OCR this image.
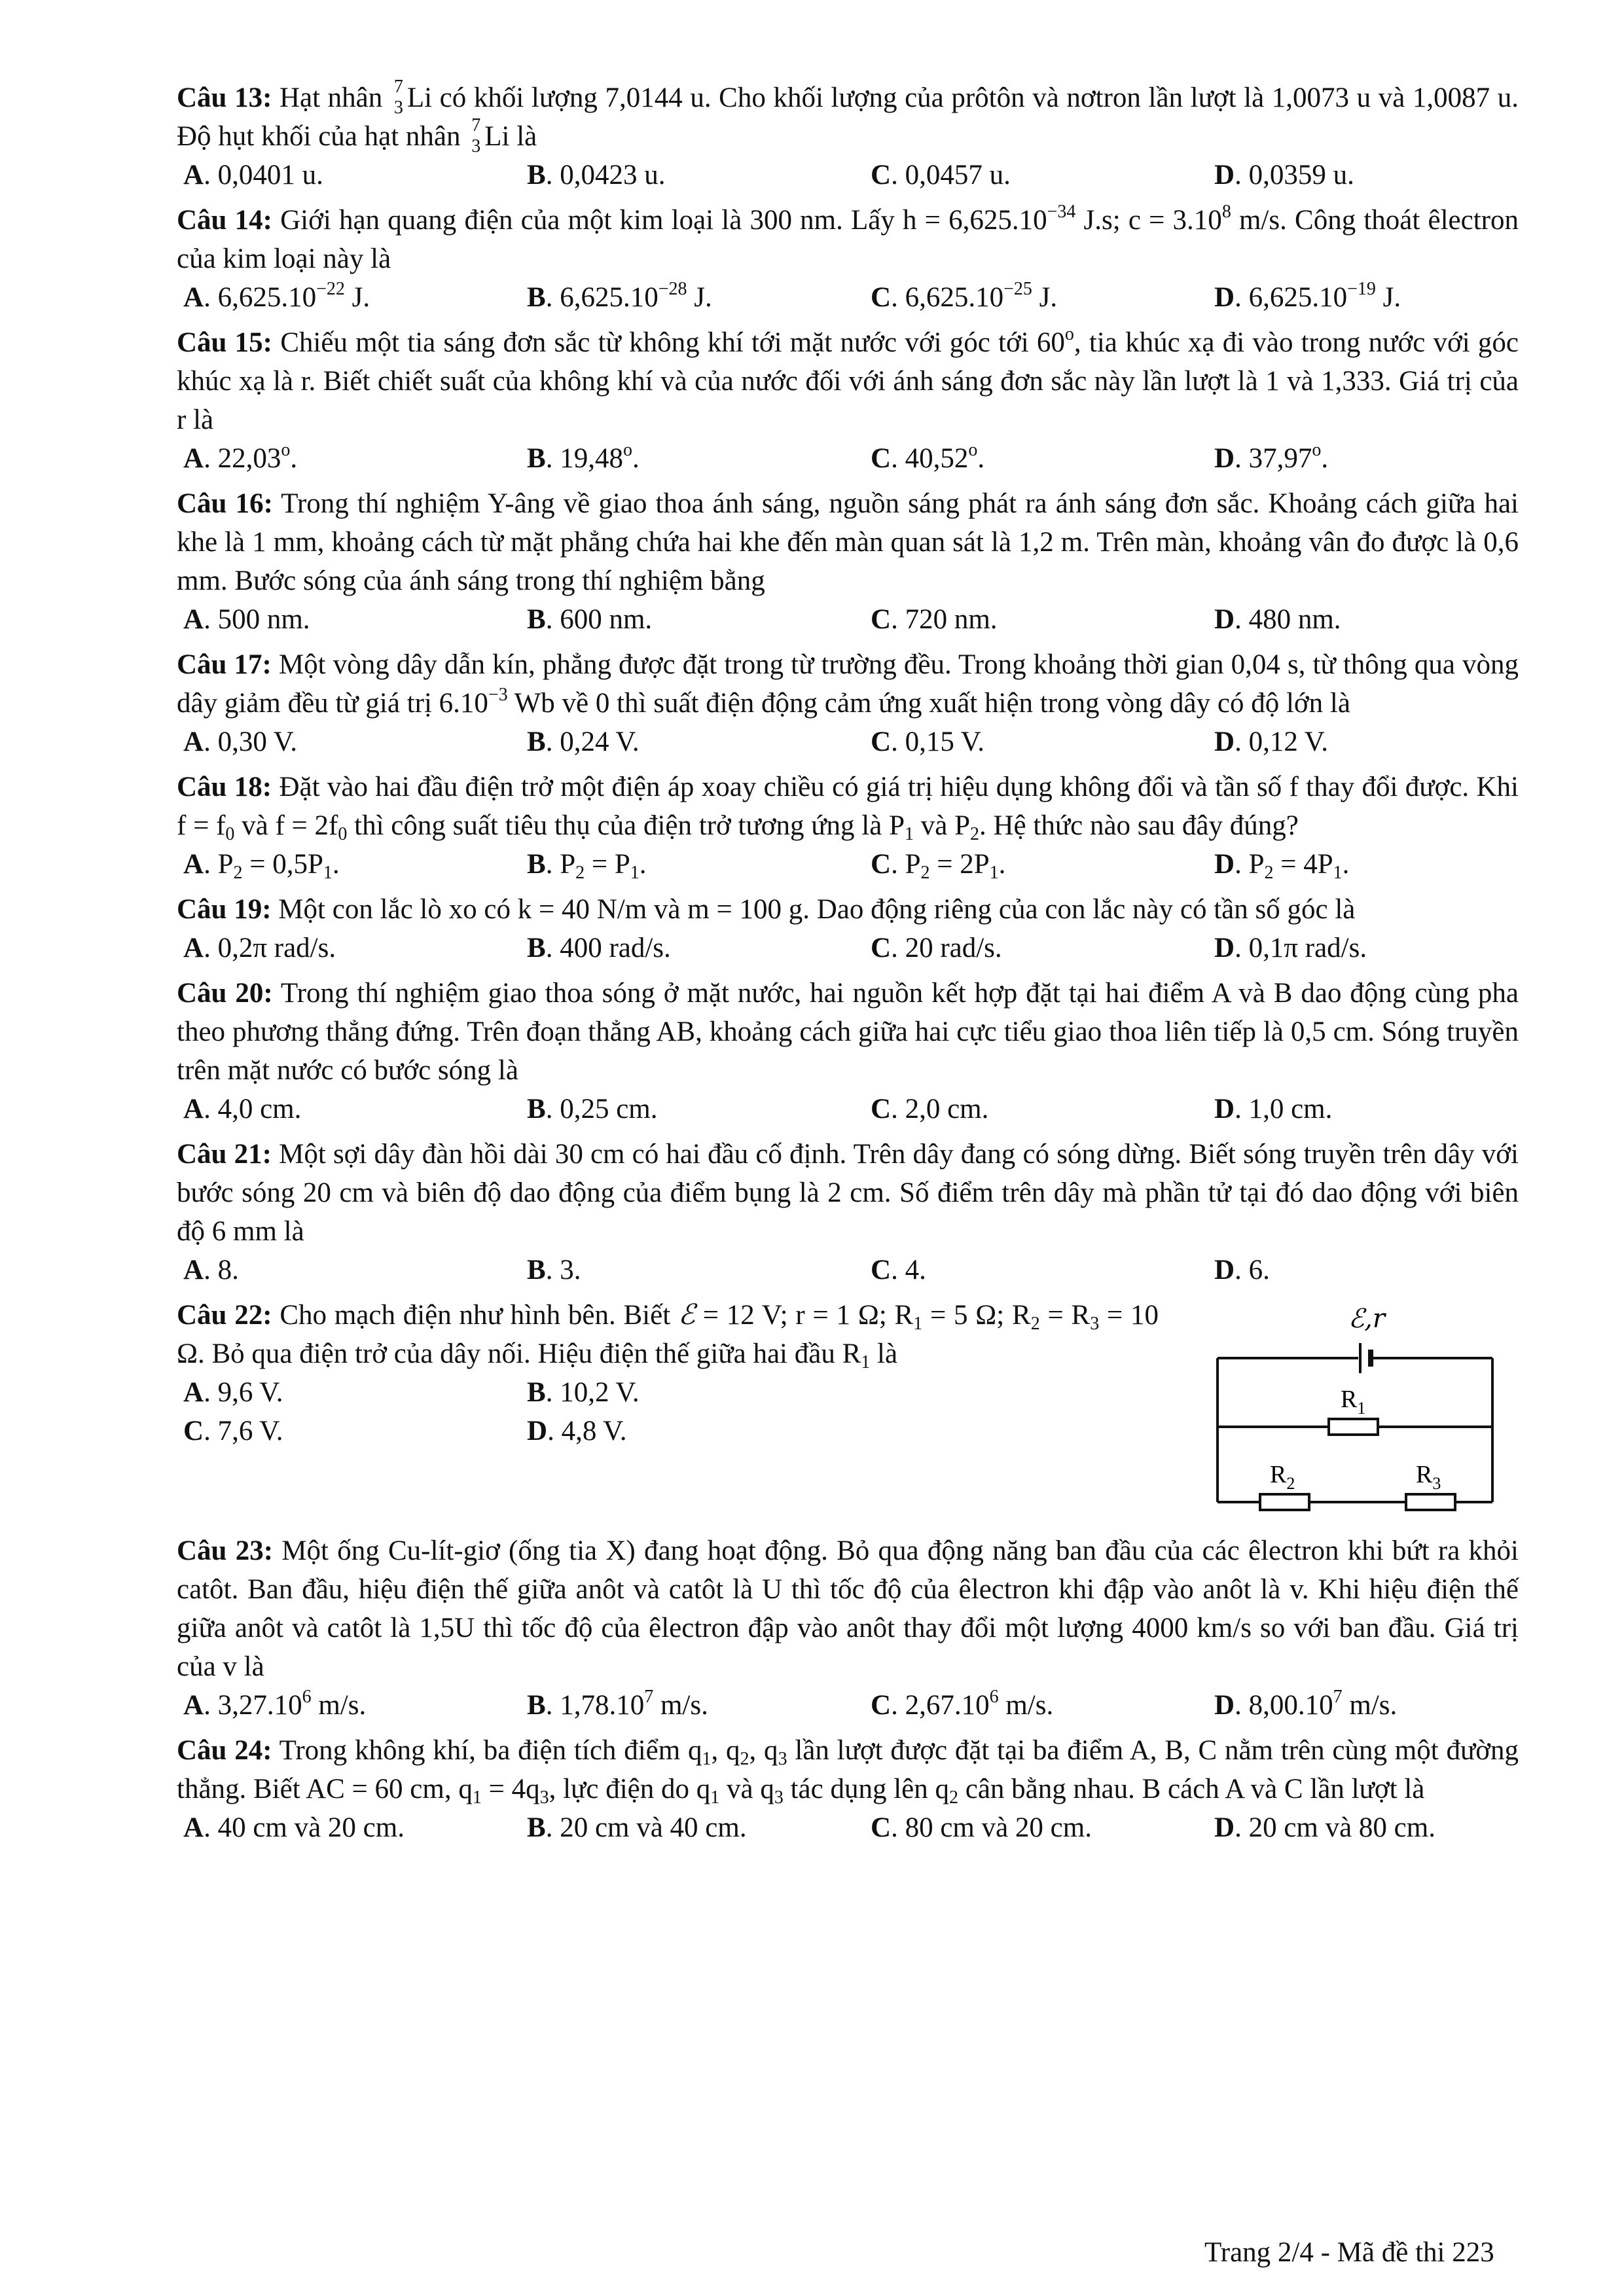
Câu 13: Hạt nhân 7
3 Li có khối lượng 7,0144 u. Cho khối lượng của prôtôn và nơtron lần lượt là 1,0073 u và 1,0087 u. Độ hụt khối của hạt nhân 7
3 Li là
A. 0,0401 u.	B. 0,0423 u.	C. 0,0457 u.	D. 0,0359 u.
Câu 14: Giới hạn quang điện của một kim loại là 300 nm. Lấy $h = 6,625.10^{-34}$ J.s; $c = 3.10^8$ m/s. Công thoát êlectron của kim loại này là
A. $6,625.10^{-22}$ J.	B. $6,625.10^{-28}$ J.	C. $6,625.10^{-25}$ J.	D. $6,625.10^{-19}$ J.
Câu 15: Chiếu một tia sáng đơn sắc từ không khí tới mặt nước với góc tới 60$^o$, tia khúc xạ đi vào trong nước với góc khúc xạ là r. Biết chiết suất của không khí và của nước đối với ánh sáng đơn sắc này lần lượt là 1 và 1,333. Giá trị của r là
A. 22,03$^o$.	B. 19,48$^o$.	C. 40,52$^o$.	D. 37,97$^o$.
Câu 16: Trong thí nghiệm Y-âng về giao thoa ánh sáng, nguồn sáng phát ra ánh sáng đơn sắc. Khoảng cách giữa hai khe là 1 mm, khoảng cách từ mặt phẳng chứa hai khe đến màn quan sát là 1,2 m. Trên màn, khoảng vân đo được là 0,6 mm. Bước sóng của ánh sáng trong thí nghiệm bằng
A. 500 nm.	B. 600 nm.	C. 720 nm.	D. 480 nm.
Câu 17: Một vòng dây dẫn kín, phẳng được đặt trong từ trường đều. Trong khoảng thời gian 0,04 s, từ thông qua vòng dây giảm đều từ giá trị $6.10^{-3}$ Wb về 0 thì suất điện động cảm ứng xuất hiện trong vòng dây có độ lớn là
A. 0,30 V.	B. 0,24 V.	C. 0,15 V.	D. 0,12 V.
Câu 18: Đặt vào hai đầu điện trở một điện áp xoay chiều có giá trị hiệu dụng không đổi và tần số f thay đổi được. Khi $f = f_0$ và $f = 2f_0$ thì công suất tiêu thụ của điện trở tương ứng là $P_1$ và $P_2$. Hệ thức nào sau đây đúng?
A. $P_2 = 0,5P_1$.	B. $P_2 = P_1$.	C. $P_2 = 2P_1$.	D. $P_2 = 4P_1$.
Câu 19: Một con lắc lò xo có k = 40 N/m và m = 100 g. Dao động riêng của con lắc này có tần số góc là
A. 0,2π rad/s.	B. 400 rad/s.	C. 20 rad/s.	D. 0,1π rad/s.
Câu 20: Trong thí nghiệm giao thoa sóng ở mặt nước, hai nguồn kết hợp đặt tại hai điểm A và B dao động cùng pha theo phương thẳng đứng. Trên đoạn thẳng AB, khoảng cách giữa hai cực tiểu giao thoa liên tiếp là 0,5 cm. Sóng truyền trên mặt nước có bước sóng là
A. 4,0 cm.	B. 0,25 cm.	C. 2,0 cm.	D. 1,0 cm.
Câu 21: Một sợi dây đàn hồi dài 30 cm có hai đầu cố định. Trên dây đang có sóng dừng. Biết sóng truyền trên dây với bước sóng 20 cm và biên độ dao động của điểm bụng là 2 cm. Số điểm trên dây mà phần tử tại đó dao động với biên độ 6 mm là
A. 8.	B. 3.	C. 4.	D. 6.
Câu 22: Cho mạch điện như hình bên. Biết ℰ = 12 V; r = 1 Ω; $R_1 = 5$ Ω; $R_2 = R_3 = 10$ Ω. Bỏ qua điện trở của dây nối. Hiệu điện thế giữa hai đầu $R_1$ là
A. 9,6 V.	B. 10,2 V.
C. 7,6 V.	D. 4,8 V.
ℰ,r
$R_1$
$R_2$	$R_3$
Câu 23: Một ống Cu-lít-giơ (ống tia X) đang hoạt động. Bỏ qua động năng ban đầu của các êlectron khi bứt ra khỏi catôt. Ban đầu, hiệu điện thế giữa anôt và catôt là U thì tốc độ của êlectron khi đập vào anôt là v. Khi hiệu điện thế giữa anôt và catôt là 1,5U thì tốc độ của êlectron đập vào anôt thay đổi một lượng 4000 km/s so với ban đầu. Giá trị của v là
A. 3,27.10$^6$ m/s.	B. 1,78.10$^7$ m/s.	C. 2,67.10$^6$ m/s.	D. 8,00.10$^7$ m/s.
Câu 24: Trong không khí, ba điện tích điểm $q_1$, $q_2$, $q_3$ lần lượt được đặt tại ba điểm A, B, C nằm trên cùng một đường thẳng. Biết AC = 60 cm, $q_1 = 4q_3$, lực điện do $q_1$ và $q_3$ tác dụng lên $q_2$ cân bằng nhau. B cách A và C lần lượt là
A. 40 cm và 20 cm.	B. 20 cm và 40 cm.	C. 80 cm và 20 cm.	D. 20 cm và 80 cm.
Trang 2/4 - Mã đề thi 223
